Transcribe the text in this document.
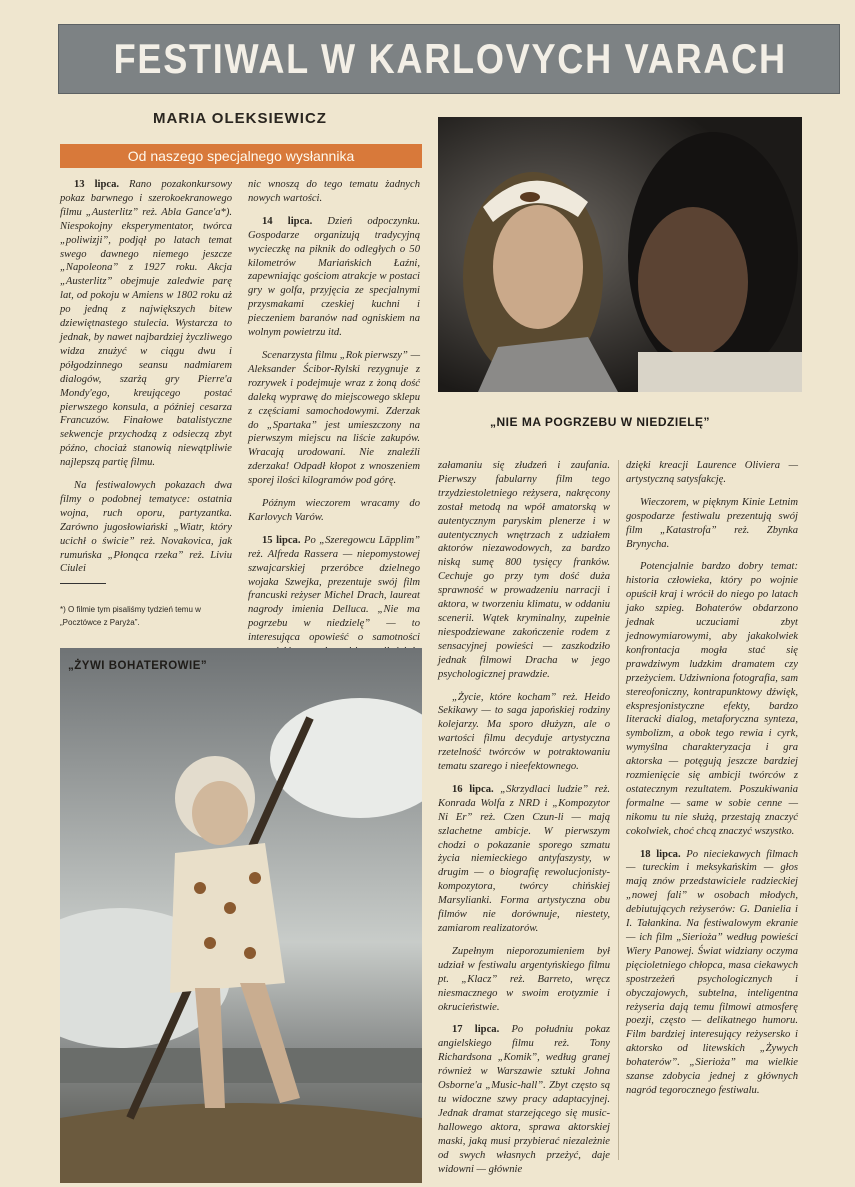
FESTIWAL W KARLOVYCH VARACH
MARIA OLEKSIEWICZ
Od naszego specjalnego wysłannika

13 lipca. Rano pozakonkursowy pokaz barwnego i szerokoekranowego filmu „Austerlitz” reż. Abla Gance'a*). Niespokojny eksperymentator, twórca „poliwizji”, podjął po latach temat swego dawnego niemego jeszcze „Napoleona” z 1927 roku. Akcja „Austerlitz” obejmuje zaledwie parę lat, od pokoju w Amiens w 1802 roku aż po jedną z największych bitew dziewiętnastego stulecia. Wystarcza to jednak, by nawet najbardziej życzliwego widza znużyć w ciągu dwu i półgodzinnego seansu nadmiarem dialogów, szarżą gry Pierre'a Mondy'ego, kreującego postać pierwszego konsula, a później cesarza Francuzów. Finałowe batalistyczne sekwencje przychodzą z odsieczą zbyt późno, chociaż stanowią niewątpliwie najlepszą partię filmu.

Na festiwalowych pokazach dwa filmy o podobnej tematyce: ostatnia wojna, ruch oporu, partyzantka. Zarówno jugosłowiański „Wiatr, który ucichł o świcie” reż. Novakovica, jak rumuńska „Płonąca rzeka” reż. Liviu Ciulei

*) O filmie tym pisaliśmy tydzień temu w „Pocztówce z Paryża”.

nic wnoszą do tego tematu żadnych nowych wartości.

14 lipca. Dzień odpoczynku. Gospodarze organizują tradycyjną wycieczkę na piknik do odległych o 50 kilometrów Mariańskich Łaźni, zapewniając gościom atrakcje w postaci gry w golfa, przyjęcia ze specjalnymi przysmakami czeskiej kuchni i pieczeniem baranów nad ogniskiem na wolnym powietrzu itd.

Scenarzysta filmu „Rok pierwszy” — Aleksander Ścibor-Rylski rezygnuje z rozrywek i podejmuje wraz z żoną dość daleką wyprawę do miejscowego sklepu z częściami samochodowymi. Zderzak do „Spartaka” jest umieszczony na pierwszym miejscu na liście zakupów. Wracają urodowani. Nie znaleźli zderzaka! Odpadł kłopot z wnoszeniem sporej ilości kilogramów pod górę.

Późnym wieczorem wracamy do Karlovych Varów.

15 lipca. Po „Szeregowcu Läpplim” reż. Alfreda Rassera — niepomystowej szwajcarskiej przeróbce dzielnego wojaka Szwejka, prezentuje swój film francuski reżyser Michel Drach, laureat nagrody imienia Delluca. „Nie ma pogrzebu w niedzielę” — to interesująca opowieść o samotności

„NIE MA POGRZEBU W NIEDZIELĘ”
„ŻYWI BOHATEROWIE”

załamaniu się złudzeń i zaufania. Pierwszy fabularny film tego trzydziestoletniego reżysera, nakręcony został metodą na wpół amatorską w autentycznym paryskim plenerze i w autentycznych wnętrzach z udziałem aktorów niezawodowych, za bardzo niską sumę 800 tysięcy franków. Cechuje go przy tym dość duża sprawność w prowadzeniu narracji i aktora, w tworzeniu klimatu, w oddaniu scenerii. Wątek kryminalny, zupełnie niespodziewane zakończenie rodem z sensacyjnej powieści — zaszkodziło jednak filmowi Dracha w jego psychologicznej prawdzie.

„Życie, które kocham” reż. Heido Sekikawy — to saga japońskiej rodziny kolejarzy. Ma sporo dłużyzn, ale o wartości filmu decyduje artystyczna rzetelność twórców w potraktowaniu tematu szarego i nieefektownego.

16 lipca. „Skrzydlaci ludzie” reż. Konrada Wolfa z NRD i „Kompozytor Ni Er” reż. Czen Czun-li — mają szlachetne ambicje. W pierwszym chodzi o pokazanie sporego szmatu życia niemieckiego antyfaszysty, w drugim — o biografię rewolucjonisty-kompozytora, twórcy chińskiej Marsylianki. Forma artystyczna obu filmów nie dorównuje, niestety, zamiarom realizatorów.

Zupełnym nieporozumieniem był udział w festiwalu argentyńskiego filmu pt. „Klacz” reż. Barreto, wręcz niesmacznego w swoim erotyzmie i okrucieństwie.

17 lipca. Po południu pokaz angielskiego filmu reż. Tony Richardsona „Komik”, według granej również w Warszawie sztuki Johna Osborne'a „Music-hall”. Zbyt często są tu widoczne szwy pracy adaptacyjnej. Jednak dramat starzejącego się music-hallowego aktora, sprawa aktorskiej maski, jaką musi przybierać niezależnie od swych własnych przeżyć, daje widowni — głównie

dzięki kreacji Laurence Oliviera — artystyczną satysfakcję.

Wieczorem, w pięknym Kinie Letnim gospodarze festiwalu prezentują swój film „Katastrofa” reż. Zbynka Brynycha.

Potencjalnie bardzo dobry temat: historia człowieka, który po wojnie opuścił kraj i wrócił do niego po latach jako szpieg. Bohaterów obdarzono jednak uczuciami zbyt jednowymiarowymi, aby jakakolwiek konfrontacja mogła stać się prawdziwym ludzkim dramatem czy przeżyciem. Udziwniona fotografia, sam stereofoniczny, kontrapunktowy dźwięk, ekspresjonistyczne efekty, bardzo literacki dialog, metaforyczna synteza, symbolizm, a obok tego rewia i cyrk, wymyślna charakteryzacja i gra aktorska — potęgują jeszcze bardziej rozmienięcie się ambicji twórców z ostatecznym rezultatem. Poszukiwania formalne — same w sobie cenne — nikomu tu nie służą, przestają znaczyć cokolwiek, choć chcą znaczyć wszystko.

18 lipca. Po nieciekawych filmach — tureckim i meksykańskim — głos mają znów przedstawiciele radzieckiej „nowej fali” w osobach młodych, debiutujących reżyserów: G. Danielia i I. Tałankina. Na festiwalowym ekranie — ich film „Sierioża” według powieści Wiery Panowej. Świat widziany oczyma pięcioletniego chłopca, masa ciekawych spostrzeżeń psychologicznych i obyczajowych, subtelna, inteligentna reżyseria dają temu filmowi atmosferę poezji, często — delikatnego humoru. Film bardziej interesujący reżysersko i aktorsko od litewskich „Żywych bohaterów”. „Sierioża” ma wielkie szanse zdobycia jednej z głównych nagród tegorocznego festiwalu.
